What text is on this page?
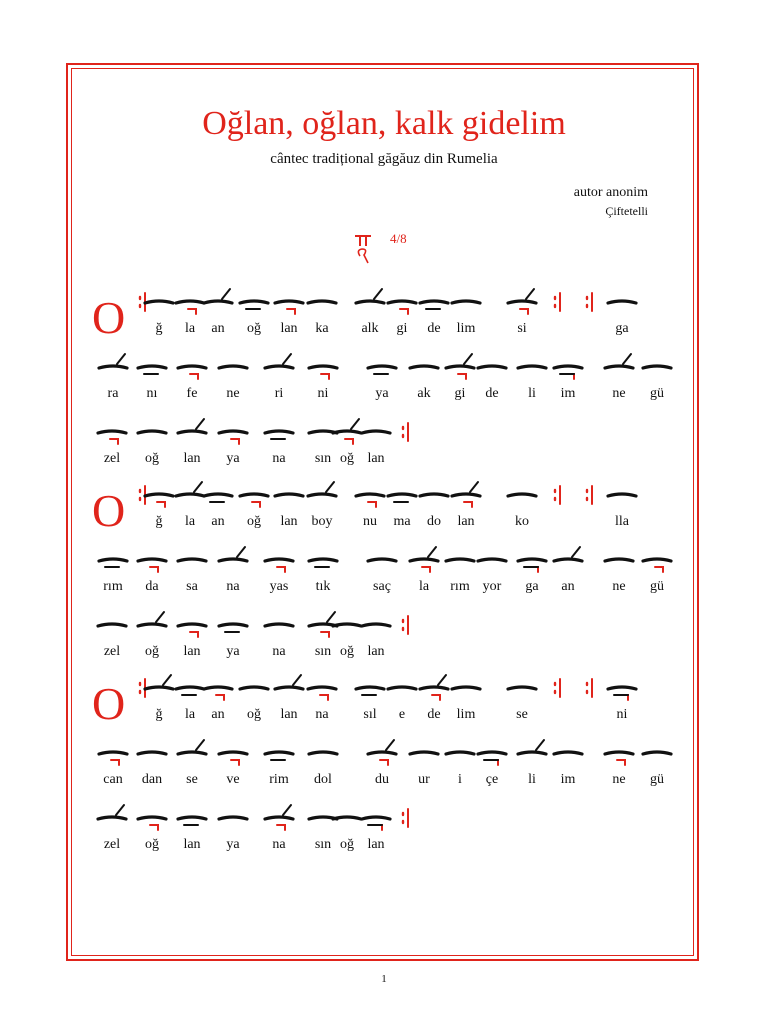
Oğlan, oğlan, kalk gidelim
cântec tradițional găgăuz din Rumelia
autor anonim
Çiftetelli
4/8
O ğ la an oğ lan ka alk gi de lim	si	ga
ra nı fe ne	ri ni	ya ak gi de li im	ne gü
zel oğ lan ya na sın oğ lan
O ğ la an oğ lan boy nu ma do lan	ko	lla
rım da sa na yas tık	saç la rım yor ga an	ne gü
zel oğ lan ya na sın oğ lan
O ğ la an oğ lan na sıl e de lim	se	ni
can dan se ve rim dol	du ur i çe li im	ne gü
zel oğ lan ya na sın oğ lan
1
